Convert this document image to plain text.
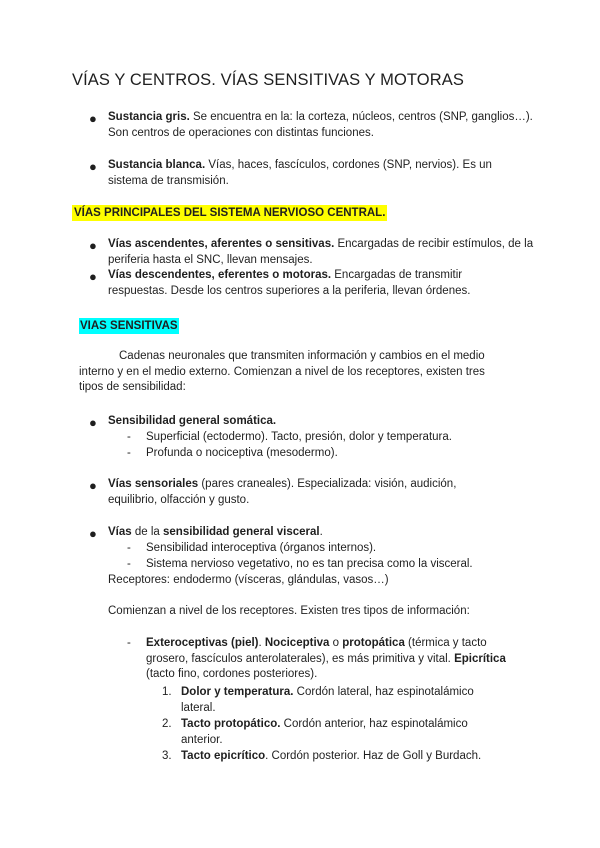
VÍAS Y CENTROS. VÍAS SENSITIVAS Y MOTORAS
● Sustancia gris. Se encuentra en la: la corteza, núcleos, centros (SNP, ganglios…). Son centros de operaciones con distintas funciones.
● Sustancia blanca. Vías, haces, fascículos, cordones (SNP, nervios). Es un sistema de transmisión.
VÍAS PRINCIPALES DEL SISTEMA NERVIOSO CENTRAL.
● Vías ascendentes, aferentes o sensitivas. Encargadas de recibir estímulos, de la periferia hasta el SNC, llevan mensajes.
● Vías descendentes, eferentes o motoras. Encargadas de transmitir respuestas. Desde los centros superiores a la periferia, llevan órdenes.
VIAS SENSITIVAS
Cadenas neuronales que transmiten información y cambios en el medio interno y en el medio externo. Comienzan a nivel de los receptores, existen tres tipos de sensibilidad:
● Sensibilidad general somática.
- Superficial (ectodermo). Tacto, presión, dolor y temperatura.
- Profunda o nociceptiva (mesodermo).
● Vías sensoriales (pares craneales). Especializada: visión, audición, equilibrio, olfacción y gusto.
● Vías de la sensibilidad general visceral.
- Sensibilidad interoceptiva (órganos internos).
- Sistema nervioso vegetativo, no es tan precisa como la visceral.
Receptores: endodermo (vísceras, glándulas, vasos…)
Comienzan a nivel de los receptores. Existen tres tipos de información:
- Exteroceptivas (piel). Nociceptiva o protopática (térmica y tacto grosero, fascículos anterolaterales), es más primitiva y vital. Epicrítica (tacto fino, cordones posteriores).
1. Dolor y temperatura. Cordón lateral, haz espinotalámico lateral.
2. Tacto protopático. Cordón anterior, haz espinotalámico anterior.
3. Tacto epicrítico. Cordón posterior. Haz de Goll y Burdach.
